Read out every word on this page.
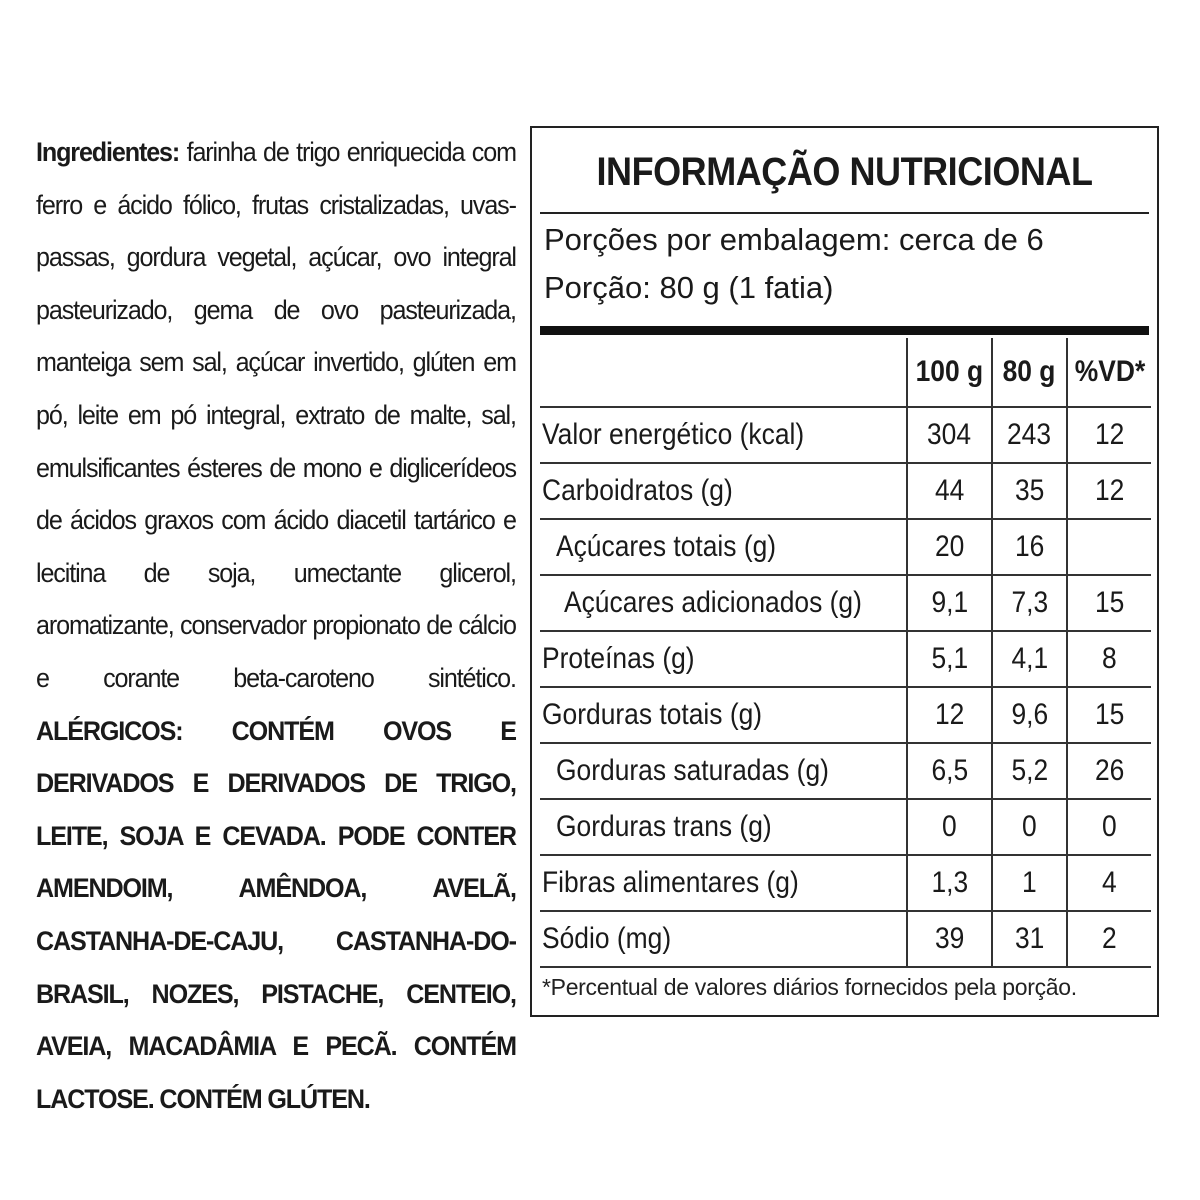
Ingredientes: farinha de trigo enriquecida com ferro e ácido fólico, frutas cristalizadas, uvas-passas, gordura vegetal, açúcar, ovo integral pasteurizado, gema de ovo pasteurizada, manteiga sem sal, açúcar invertido, glúten em pó, leite em pó integral, extrato de malte, sal, emulsificantes ésteres de mono e diglicerídeos de ácidos graxos com ácido diacetil tartárico e lecitina de soja, umectante glicerol, aromatizante, conservador propionato de cálcio e corante beta-caroteno sintético. ALÉRGICOS: CONTÉM OVOS E DERIVADOS E DERIVADOS DE TRIGO, LEITE, SOJA E CEVADA. PODE CONTER AMENDOIM, AMÊNDOA, AVELÃ, CASTANHA-DE-CAJU, CASTANHA-DO-BRASIL, NOZES, PISTACHE, CENTEIO, AVEIA, MACADÂMIA E PECÃ. CONTÉM LACTOSE. CONTÉM GLÚTEN.
INFORMAÇÃO NUTRICIONAL
Porções por embalagem: cerca de 6
Porção: 80 g (1 fatia)
	100 g	80 g	%VD*
Valor energético (kcal)	304	243	12
Carboidratos (g)	44	35	12
Açúcares totais (g)	20	16	
Açúcares adicionados (g)	9,1	7,3	15
Proteínas (g)	5,1	4,1	8
Gorduras totais (g)	12	9,6	15
Gorduras saturadas (g)	6,5	5,2	26
Gorduras trans (g)	0	0	0
Fibras alimentares (g)	1,3	1	4
Sódio (mg)	39	31	2
*Percentual de valores diários fornecidos pela porção.
